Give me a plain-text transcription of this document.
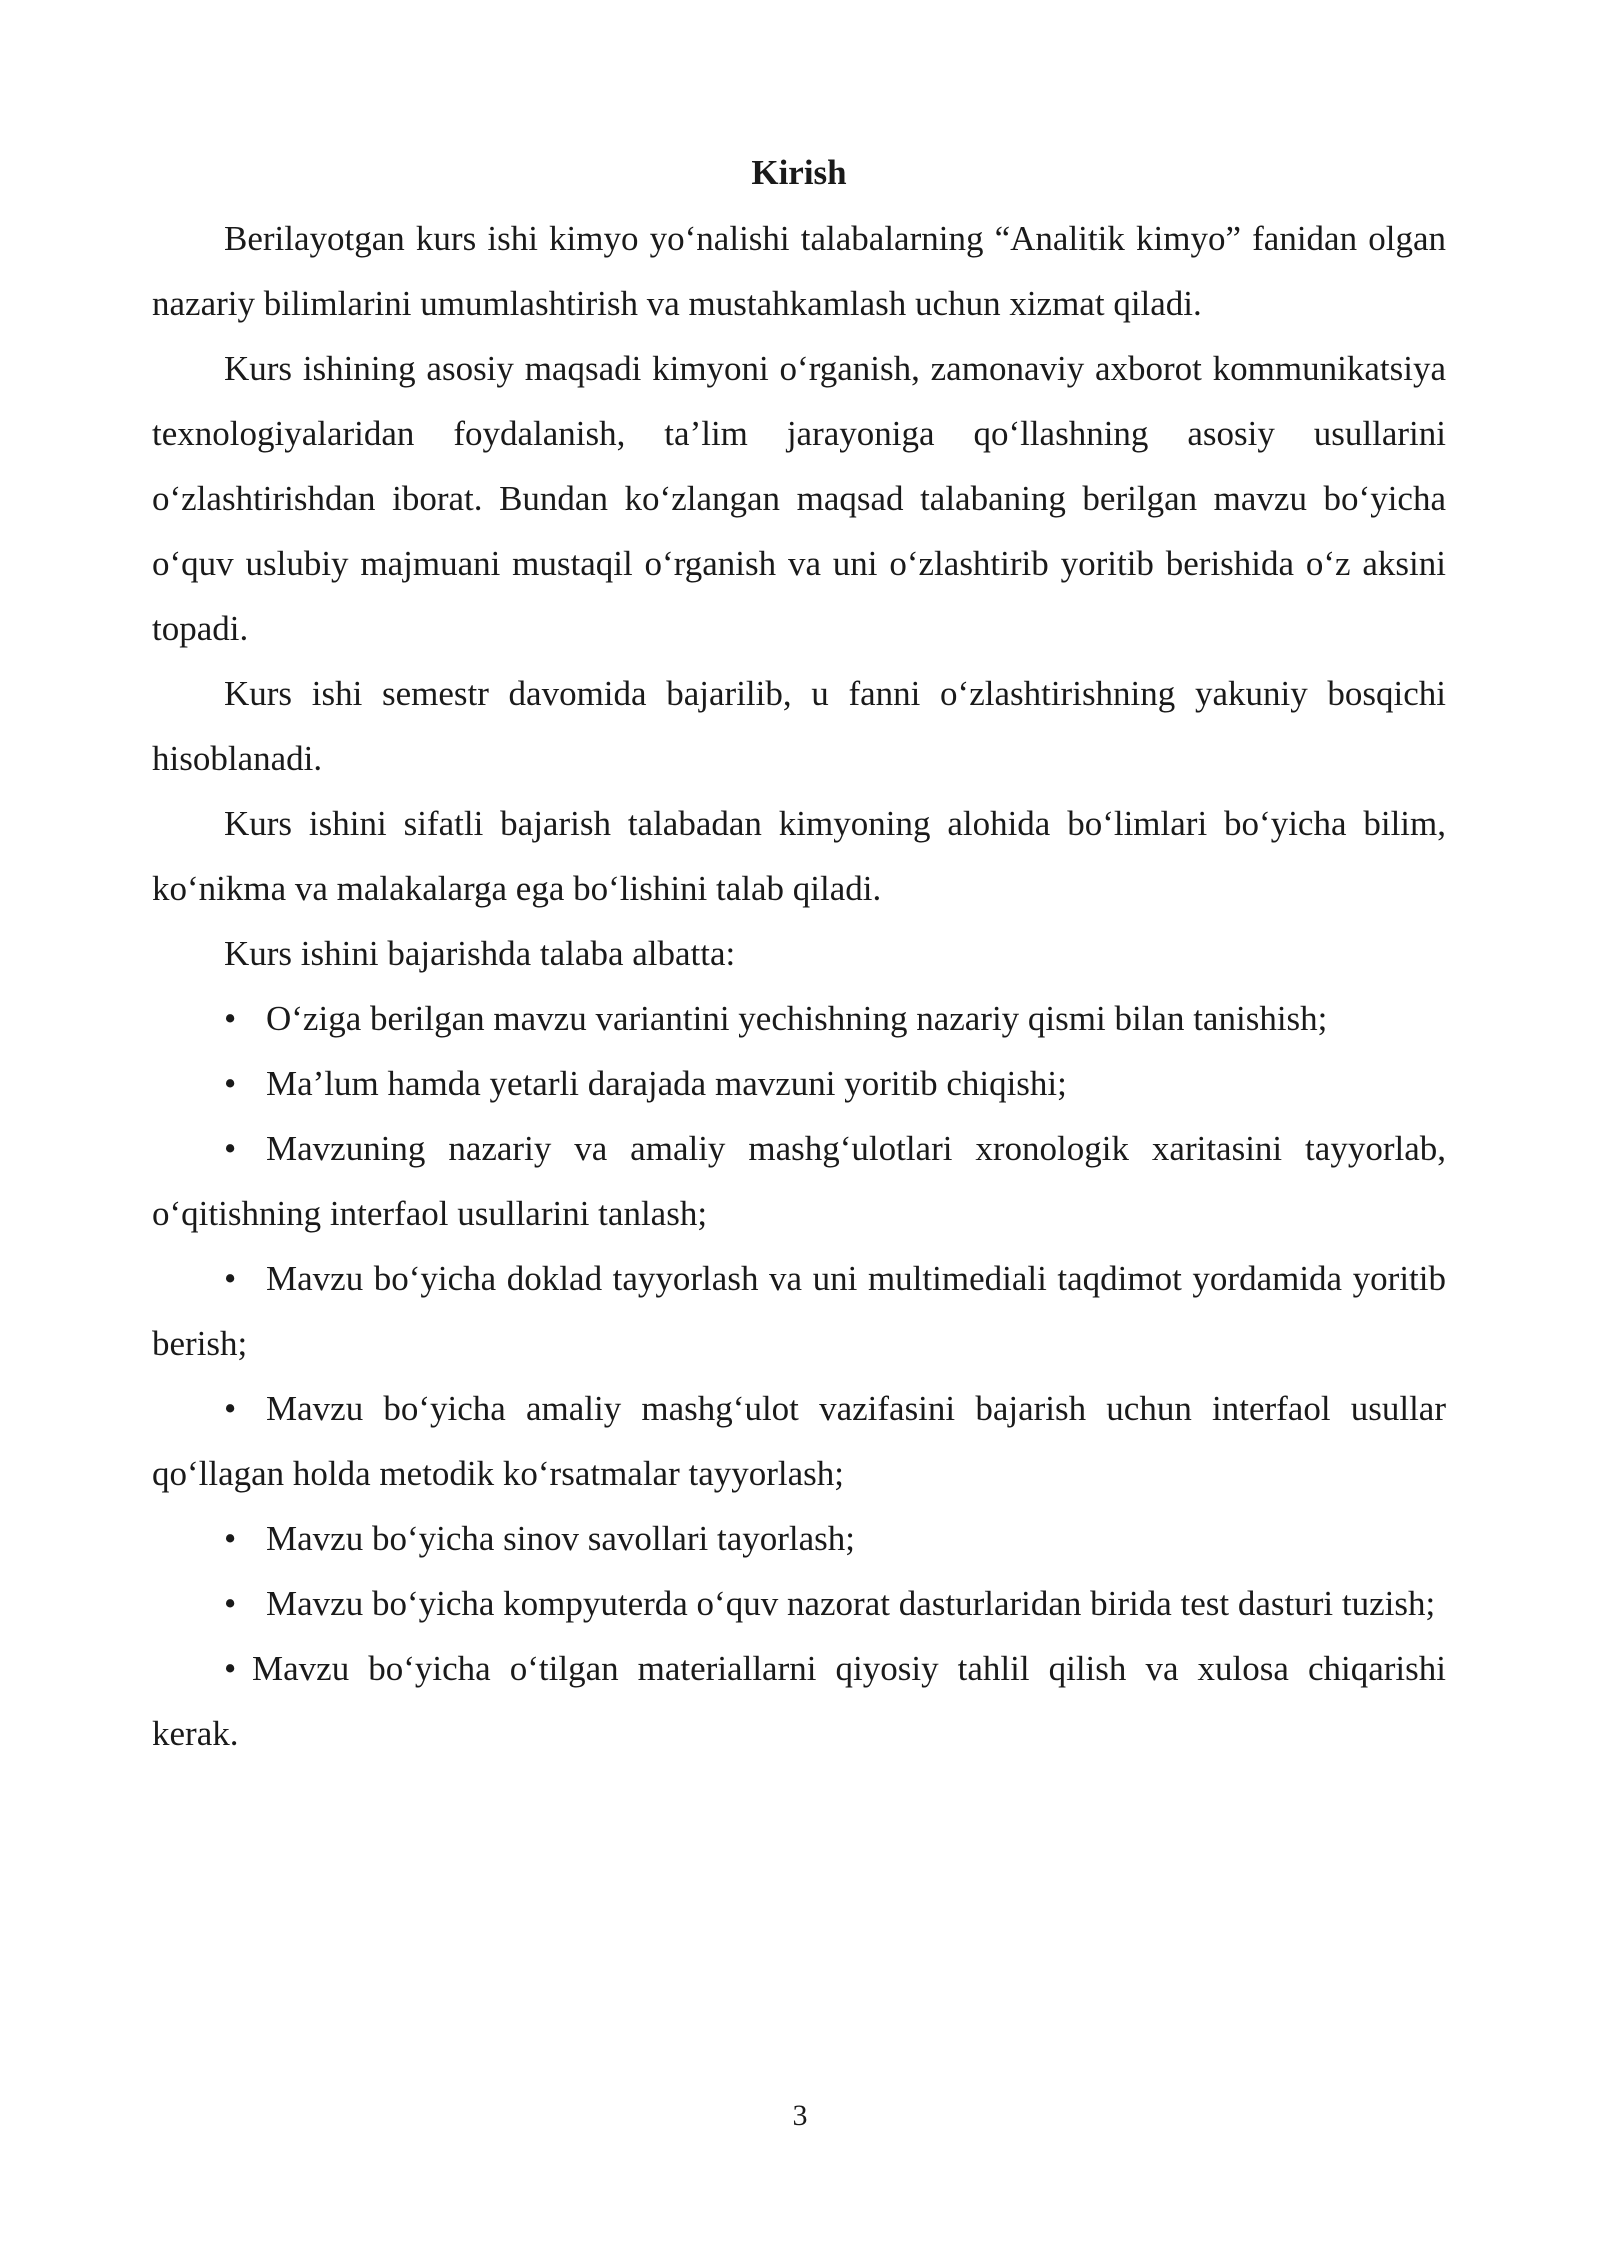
Kirish

Berilayotgan kurs ishi kimyo yo‘nalishi talabalarning “Analitik kimyo” fanidan olgan nazariy bilimlarini umumlashtirish va mustahkamlash uchun xizmat qiladi.

Kurs ishining asosiy maqsadi kimyoni o‘rganish, zamonaviy axborot kommunikatsiya texnologiyalaridan foydalanish, ta’lim jarayoniga qo‘llashning asosiy usullarini o‘zlashtirishdan iborat. Bundan ko‘zlangan maqsad talabaning berilgan mavzu bo‘yicha o‘quv uslubiy majmuani mustaqil o‘rganish va uni o‘zlashtirib yoritib berishida o‘z aksini topadi.

Kurs ishi semestr davomida bajarilib, u fanni o‘zlashtirishning yakuniy bosqichi hisoblanadi.

Kurs ishini sifatli bajarish talabadan kimyoning alohida bo‘limlari bo‘yicha bilim, ko‘nikma va malakalarga ega bo‘lishini talab qiladi.

Kurs ishini bajarishda talaba albatta:

• O‘ziga berilgan mavzu variantini yechishning nazariy qismi bilan tanishish;

• Ma’lum hamda yetarli darajada mavzuni yoritib chiqishi;

• Mavzuning nazariy va amaliy mashg‘ulotlari xronologik xaritasini tayyorlab, o‘qitishning interfaol usullarini tanlash;

• Mavzu bo‘yicha doklad tayyorlash va uni multimediali taqdimot yordamida yoritib berish;

• Mavzu bo‘yicha amaliy mashg‘ulot vazifasini bajarish uchun interfaol usullar qo‘llagan holda metodik ko‘rsatmalar tayyorlash;

• Mavzu bo‘yicha sinov savollari tayorlash;

• Mavzu bo‘yicha kompyuterda o‘quv nazorat dasturlaridan birida test dasturi tuzish;

• Mavzu bo‘yicha o‘tilgan materiallarni qiyosiy tahlil qilish va xulosa chiqarishi kerak.

3
